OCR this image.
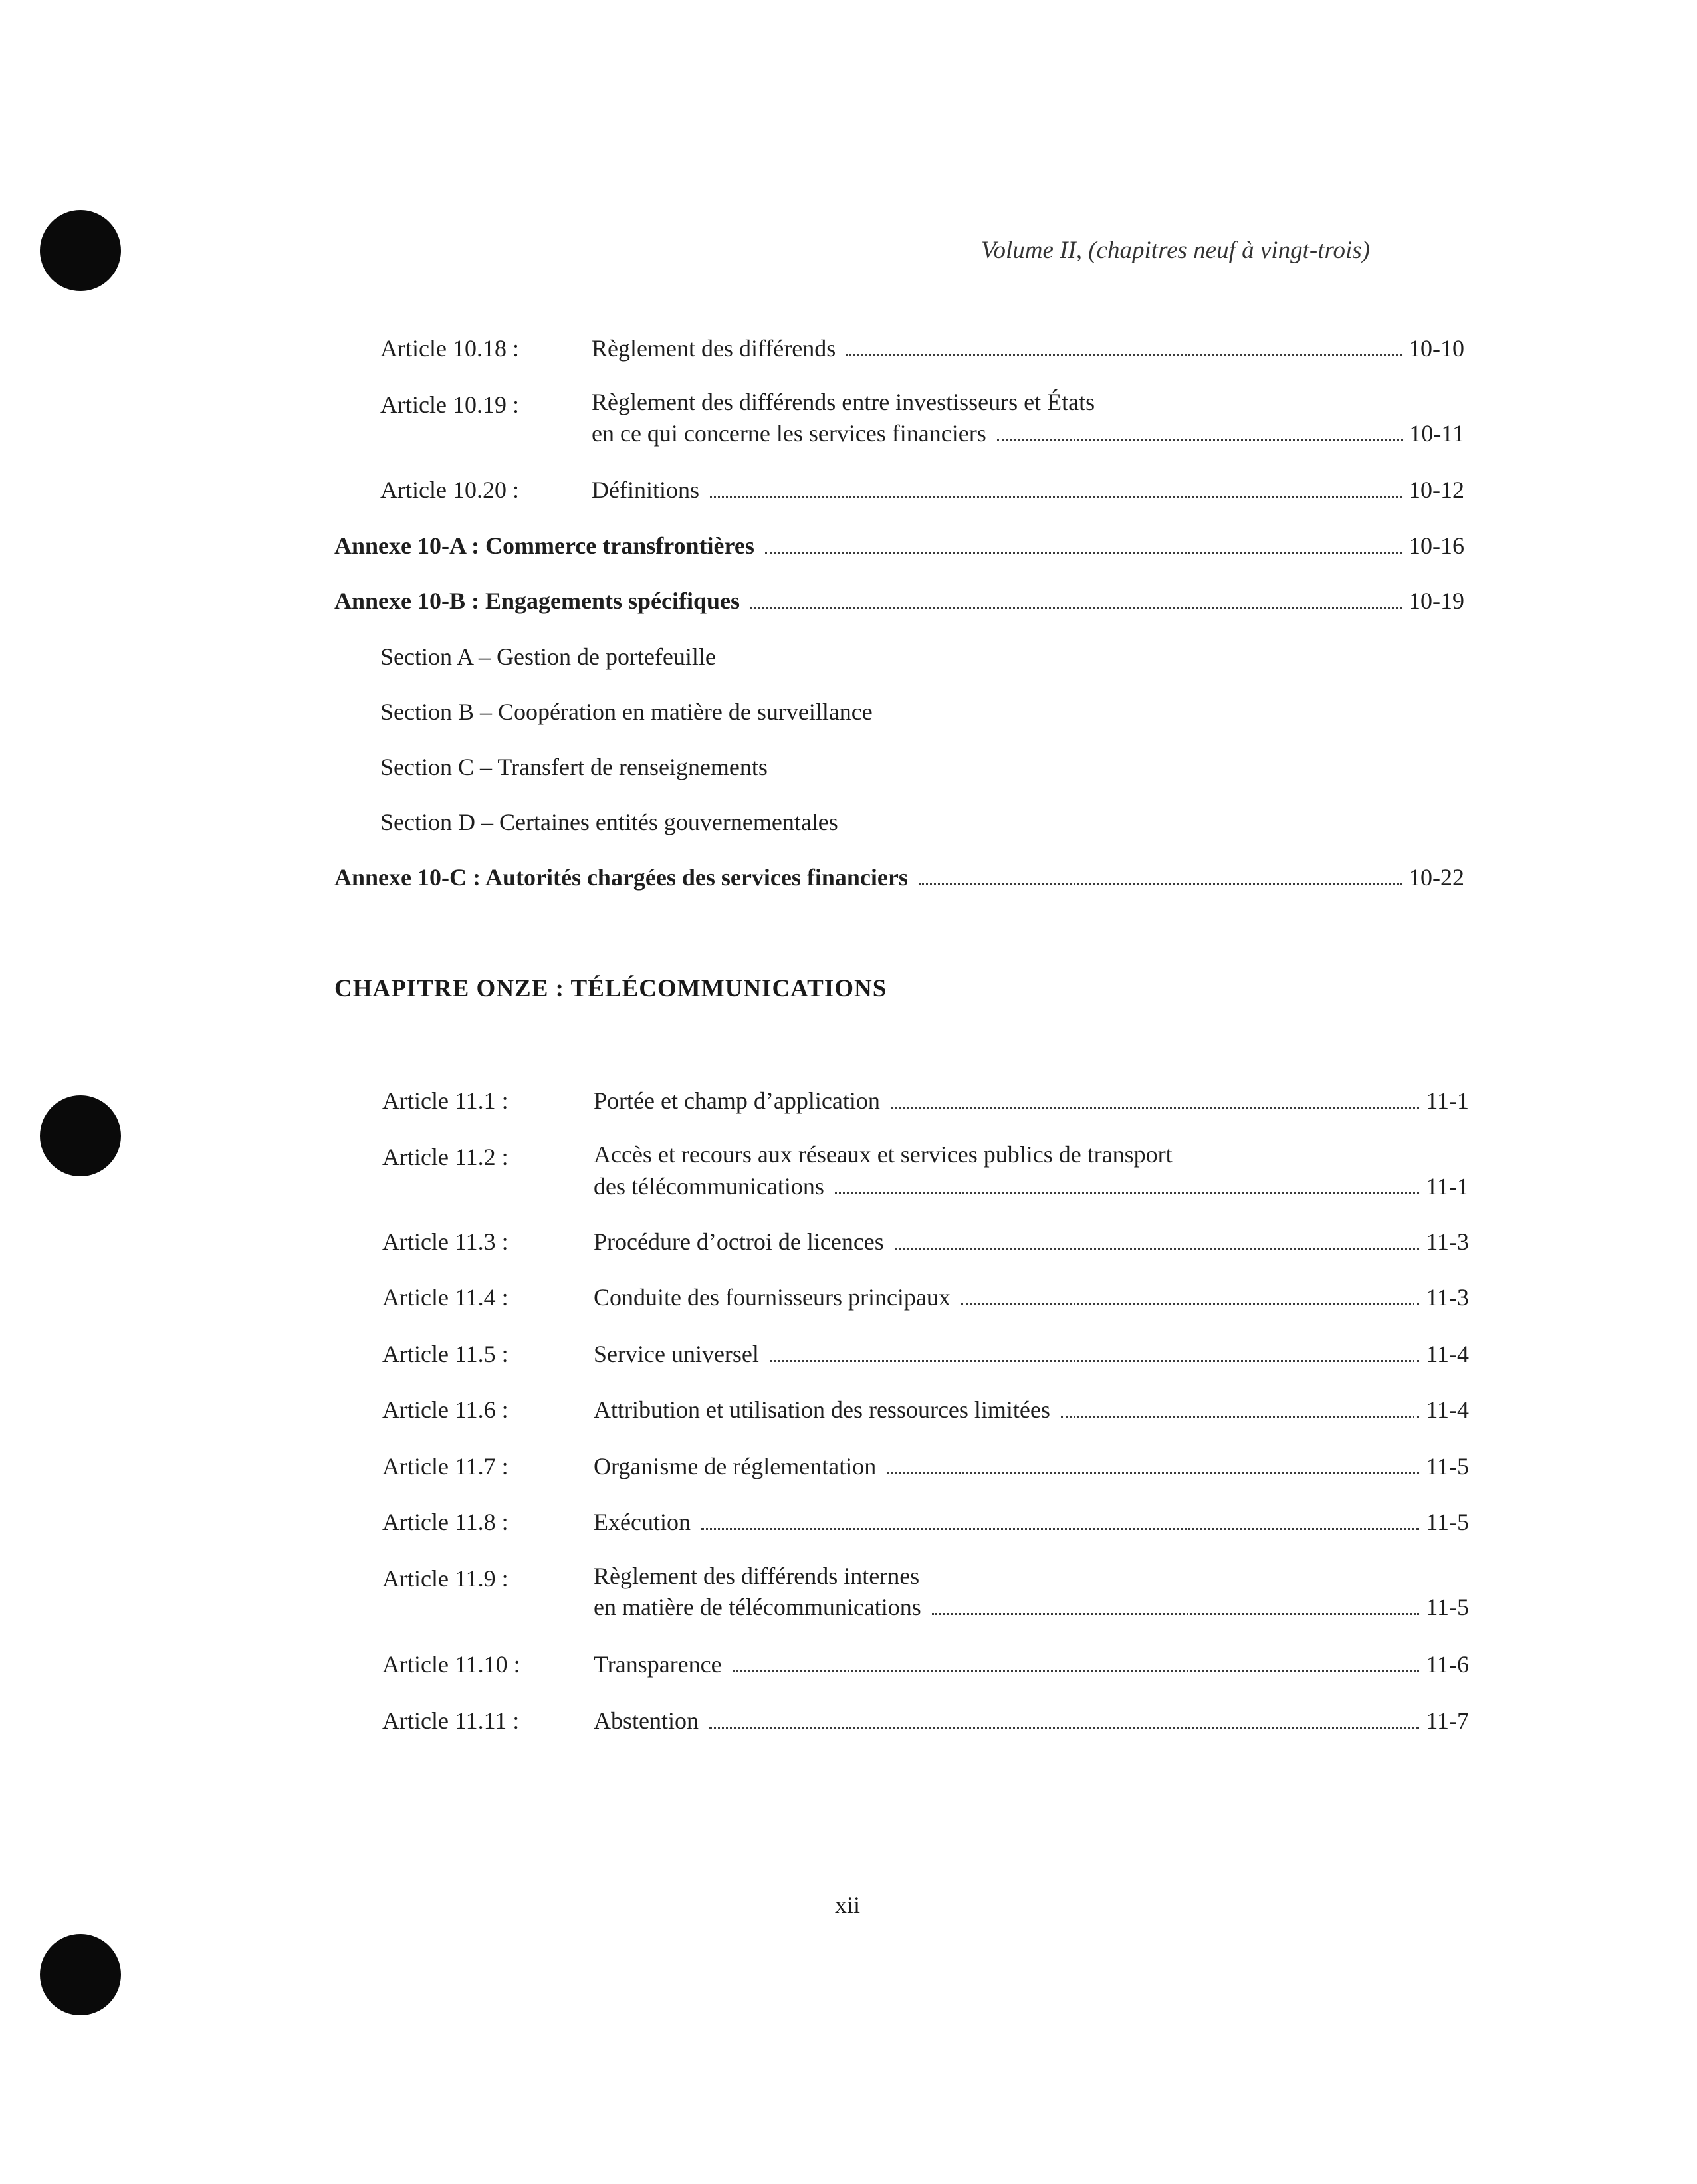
Volume II, (chapitres neuf à vingt-trois)
Article 10.18 :	Règlement des différends	10-10
Article 10.19 :	Règlement des différends entre investisseurs et États
en ce qui concerne les services financiers	10-11
Article 10.20 :	Définitions	10-12
Annexe 10-A : Commerce transfrontières	10-16
Annexe 10-B : Engagements spécifiques	10-19
Section A – Gestion de portefeuille
Section B – Coopération en matière de surveillance
Section C – Transfert de renseignements
Section D – Certaines entités gouvernementales
Annexe 10-C : Autorités chargées des services financiers	10-22
CHAPITRE ONZE : TÉLÉCOMMUNICATIONS
Article 11.1 :	Portée et champ d’application	11-1
Article 11.2 :	Accès et recours aux réseaux et services publics de transport
des télécommunications	11-1
Article 11.3 :	Procédure d’octroi de licences	11-3
Article 11.4 :	Conduite des fournisseurs principaux	11-3
Article 11.5 :	Service universel	11-4
Article 11.6 :	Attribution et utilisation des ressources limitées	11-4
Article 11.7 :	Organisme de réglementation	11-5
Article 11.8 :	Exécution	11-5
Article 11.9 :	Règlement des différends internes
en matière de télécommunications	11-5
Article 11.10 :	Transparence	11-6
Article 11.11 :	Abstention	11-7
xii
